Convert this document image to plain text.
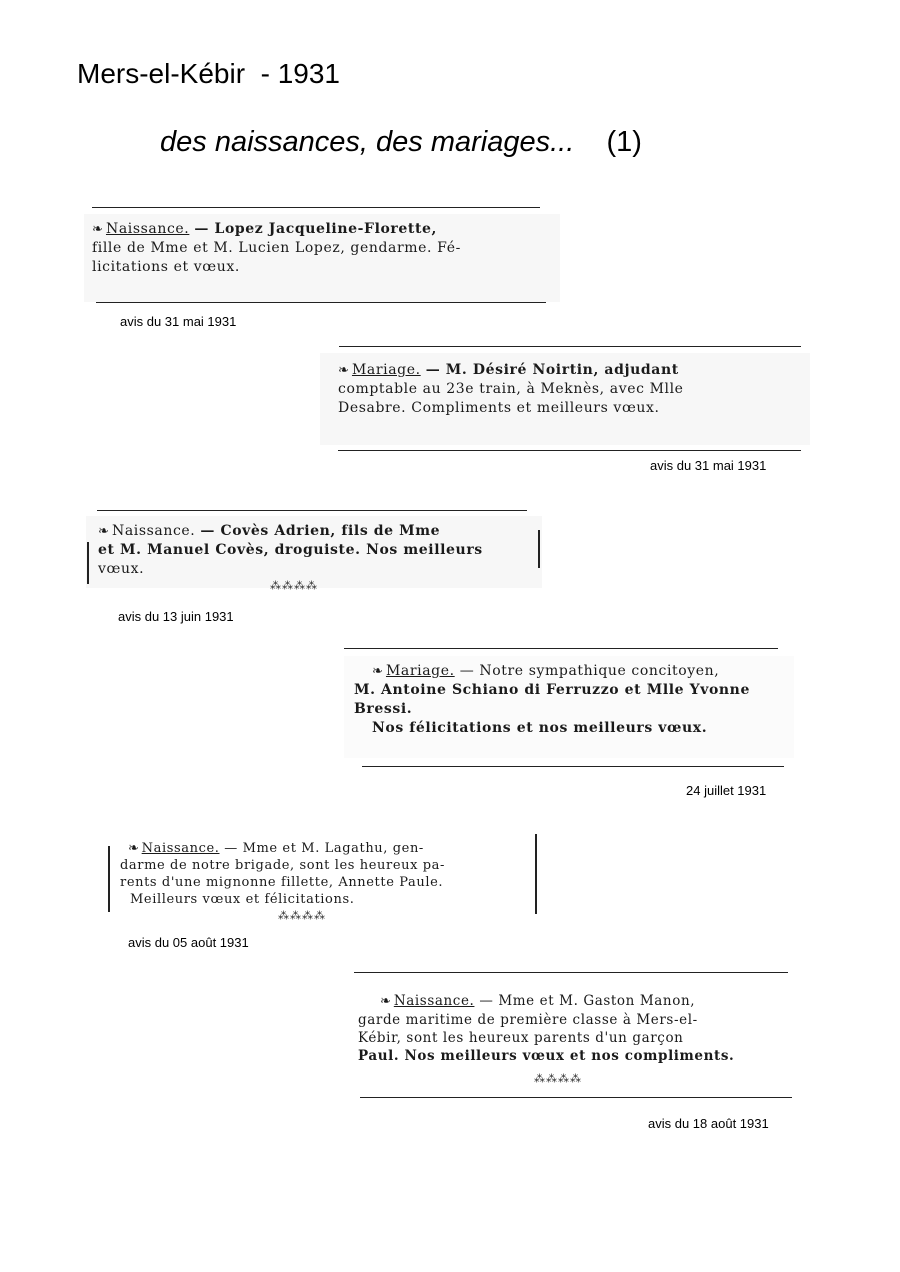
Mers-el-Kébir  - 1931
des naissances, des mariages... (1)
❧ Naissance. — Lopez Jacqueline-Florette,
fille de Mme et M. Lucien Lopez, gendarme. Fé-
licitations et vœux.
avis du 31 mai 1931
❧ Mariage. — M. Désiré Noirtin, adjudant
comptable au 23e train, à Meknès, avec Mlle
Desabre. Compliments et meilleurs vœux.
avis du 31 mai 1931
❧ Naissance. — Covès Adrien, fils de Mme
et M. Manuel Covès, droguiste. Nos meilleurs
vœux.
⁂⁂⁂⁂
avis du 13 juin 1931
❧ Mariage. — Notre sympathique concitoyen,
M. Antoine Schiano di Ferruzzo et Mlle Yvonne
Bressi.
Nos félicitations et nos meilleurs vœux.
24 juillet 1931
❧ Naissance. — Mme et M. Lagathu, gen-
darme de notre brigade, sont les heureux pa-
rents d'une mignonne fillette, Annette Paule.
Meilleurs vœux et félicitations.
⁂⁂⁂⁂
avis du 05 août 1931
❧ Naissance. — Mme et M. Gaston Manon,
garde maritime de première classe à Mers-el-
Kébir, sont les heureux parents d'un garçon
Paul. Nos meilleurs vœux et nos compliments.
⁂⁂⁂⁂
avis du 18 août 1931
